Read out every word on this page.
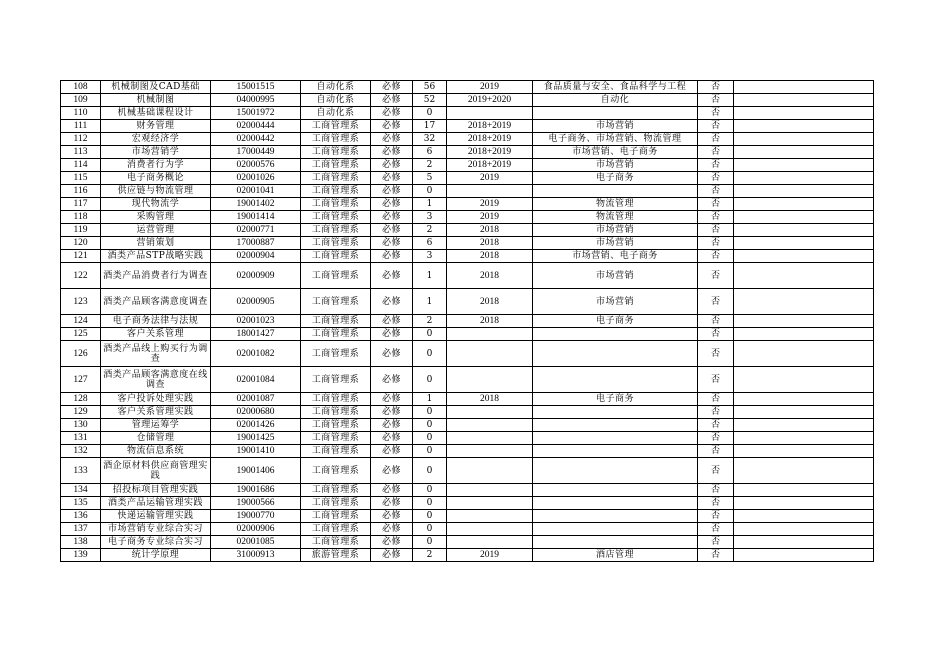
108	机械制图及CAD基础	15001515	自动化系	必修	56	2019	食品质量与安全、食品科学与工程	否	
109	机械制图	04000995	自动化系	必修	52	2019+2020	自动化	否	
110	机械基础课程设计	15001972	自动化系	必修	0			否	
111	财务管理	02000444	工商管理系	必修	17	2018+2019	市场营销	否	
112	宏观经济学	02000442	工商管理系	必修	32	2018+2019	电子商务、市场营销、物流管理	否	
113	市场营销学	17000449	工商管理系	必修	6	2018+2019	市场营销、电子商务	否	
114	消费者行为学	02000576	工商管理系	必修	2	2018+2019	市场营销	否	
115	电子商务概论	02001026	工商管理系	必修	5	2019	电子商务	否	
116	供应链与物流管理	02001041	工商管理系	必修	0			否	
117	现代物流学	19001402	工商管理系	必修	1	2019	物流管理	否	
118	采购管理	19001414	工商管理系	必修	3	2019	物流管理	否	
119	运营管理	02000771	工商管理系	必修	2	2018	市场营销	否	
120	营销策划	17000887	工商管理系	必修	6	2018	市场营销	否	
121	酒类产品STP战略实践	02000904	工商管理系	必修	3	2018	市场营销、电子商务	否	
122	酒类产品消费者行为调查	02000909	工商管理系	必修	1	2018	市场营销	否	
123	酒类产品顾客满意度调查	02000905	工商管理系	必修	1	2018	市场营销	否	
124	电子商务法律与法规	02001023	工商管理系	必修	2	2018	电子商务	否	
125	客户关系管理	18001427	工商管理系	必修	0			否	
126	酒类产品线上购买行为调查	02001082	工商管理系	必修	0			否	
127	酒类产品顾客满意度在线调查	02001084	工商管理系	必修	0			否	
128	客户投诉处理实践	02001087	工商管理系	必修	1	2018	电子商务	否	
129	客户关系管理实践	02000680	工商管理系	必修	0			否	
130	管理运筹学	02001426	工商管理系	必修	0			否	
131	仓储管理	19001425	工商管理系	必修	0			否	
132	物流信息系统	19001410	工商管理系	必修	0			否	
133	酒企原材料供应商管理实践	19001406	工商管理系	必修	0			否	
134	招投标项目管理实践	19001686	工商管理系	必修	0			否	
135	酒类产品运输管理实践	19000566	工商管理系	必修	0			否	
136	快递运输管理实践	19000770	工商管理系	必修	0			否	
137	市场营销专业综合实习	02000906	工商管理系	必修	0			否	
138	电子商务专业综合实习	02001085	工商管理系	必修	0			否	
139	统计学原理	31000913	旅游管理系	必修	2	2019	酒店管理	否	
